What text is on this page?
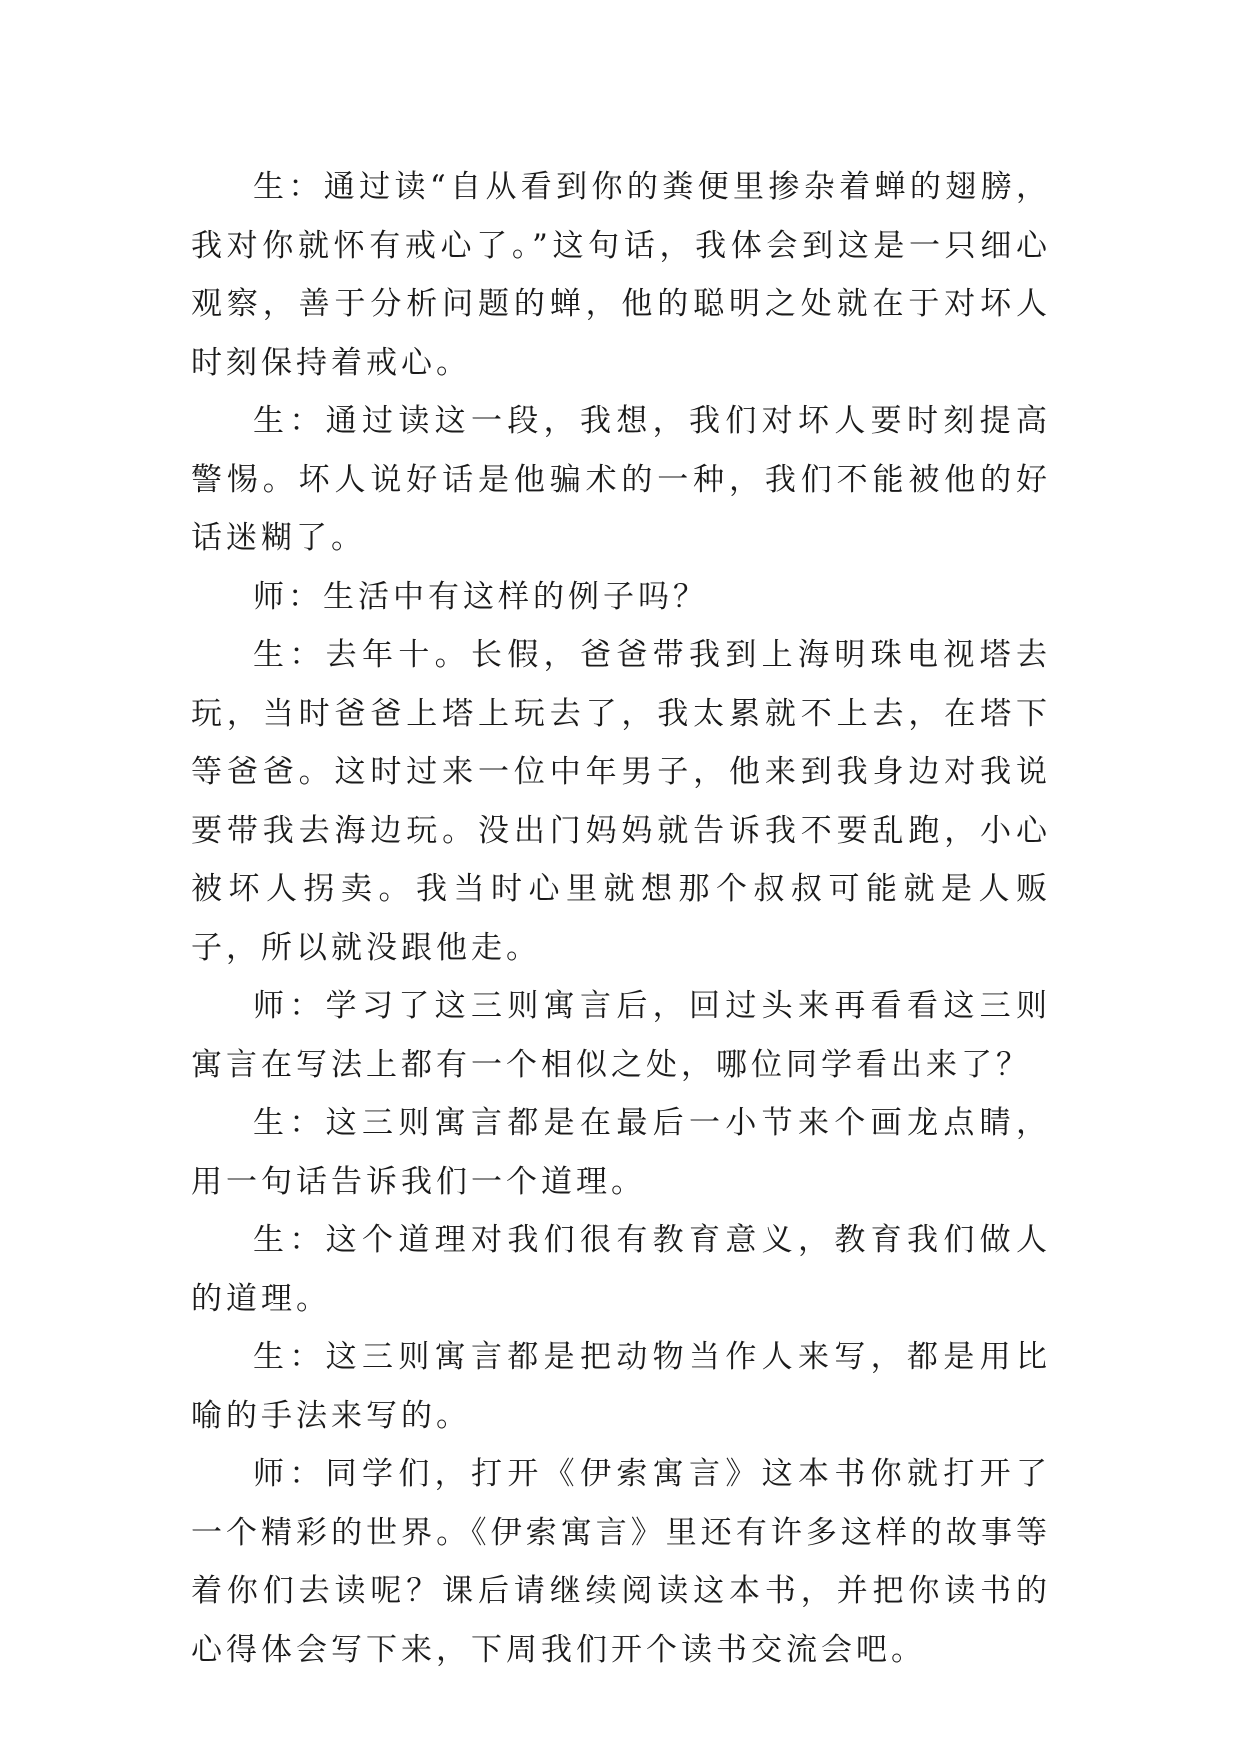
生：通过读“自从看到你的粪便里掺杂着蝉的翅膀，我对你就怀有戒心了。”这句话，我体会到这是一只细心观察，善于分析问题的蝉，他的聪明之处就在于对坏人时刻保持着戒心。

生：通过读这一段，我想，我们对坏人要时刻提高警惕。坏人说好话是他骗术的一种，我们不能被他的好话迷糊了。

师：生活中有这样的例子吗？

生：去年十。长假，爸爸带我到上海明珠电视塔去玩，当时爸爸上塔上玩去了，我太累就不上去，在塔下等爸爸。这时过来一位中年男子，他来到我身边对我说要带我去海边玩。没出门妈妈就告诉我不要乱跑，小心被坏人拐卖。我当时心里就想那个叔叔可能就是人贩子，所以就没跟他走。

师：学习了这三则寓言后，回过头来再看看这三则寓言在写法上都有一个相似之处，哪位同学看出来了？

生：这三则寓言都是在最后一小节来个画龙点睛，用一句话告诉我们一个道理。

生：这个道理对我们很有教育意义，教育我们做人的道理。

生：这三则寓言都是把动物当作人来写，都是用比喻的手法来写的。

师：同学们，打开《伊索寓言》这本书你就打开了一个精彩的世界。《伊索寓言》里还有许多这样的故事等着你们去读呢？课后请继续阅读这本书，并把你读书的心得体会写下来，下周我们开个读书交流会吧。
